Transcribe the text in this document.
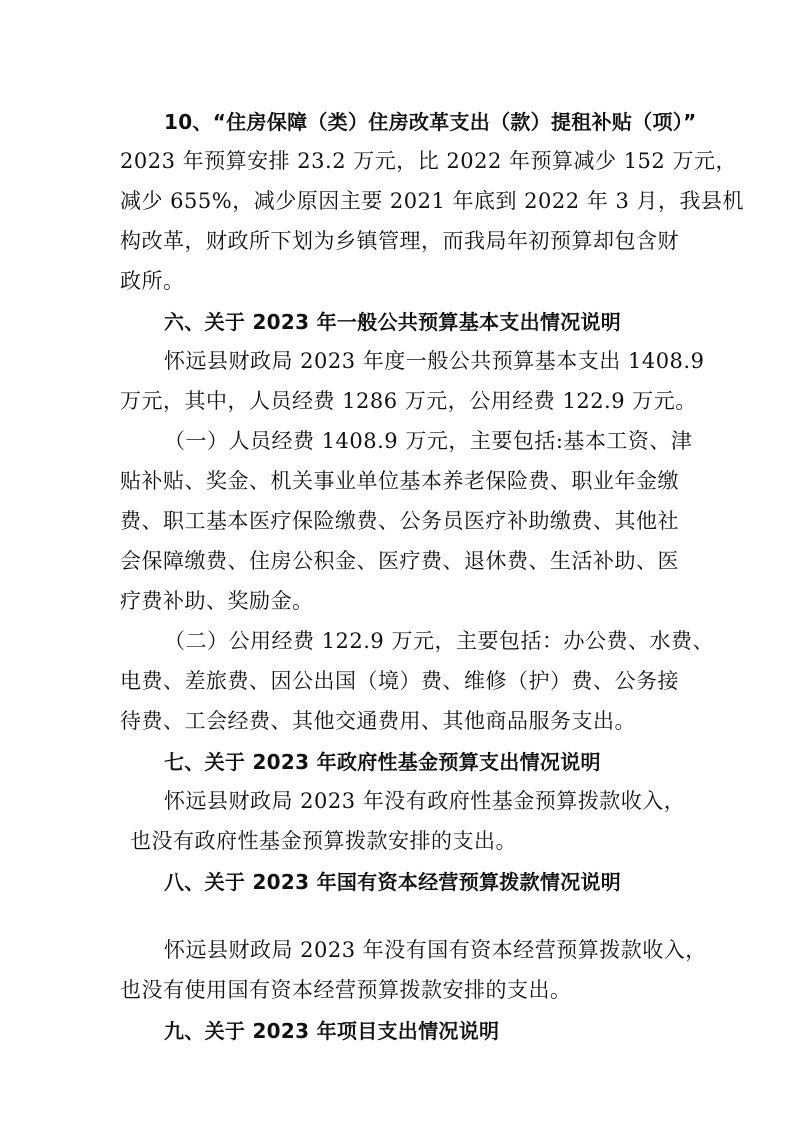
10、“住房保障（类）住房改革支出（款）提租补贴（项）”
2023 年预算安排 23.2 万元，比 2022 年预算减少 152 万元，
减少 655%，减少原因主要 2021 年底到 2022 年 3 月，我县机
构改革，财政所下划为乡镇管理，而我局年初预算却包含财
政所。
六、关于 2023 年一般公共预算基本支出情况说明
怀远县财政局 2023 年度一般公共预算基本支出 1408.9
万元，其中，人员经费 1286 万元，公用经费 122.9 万元。
（一）人员经费 1408.9 万元，主要包括:基本工资、津
贴补贴、奖金、机关事业单位基本养老保险费、职业年金缴
费、职工基本医疗保险缴费、公务员医疗补助缴费、其他社
会保障缴费、住房公积金、医疗费、退休费、生活补助、医
疗费补助、奖励金。
（二）公用经费 122.9 万元，主要包括：办公费、水费、
电费、差旅费、因公出国（境）费、维修（护）费、公务接
待费、工会经费、其他交通费用、其他商品服务支出。
七、关于 2023 年政府性基金预算支出情况说明
怀远县财政局 2023 年没有政府性基金预算拨款收入，
也没有政府性基金预算拨款安排的支出。
八、关于 2023 年国有资本经营预算拨款情况说明
怀远县财政局 2023 年没有国有资本经营预算拨款收入，
也没有使用国有资本经营预算拨款安排的支出。
九、关于 2023 年项目支出情况说明
